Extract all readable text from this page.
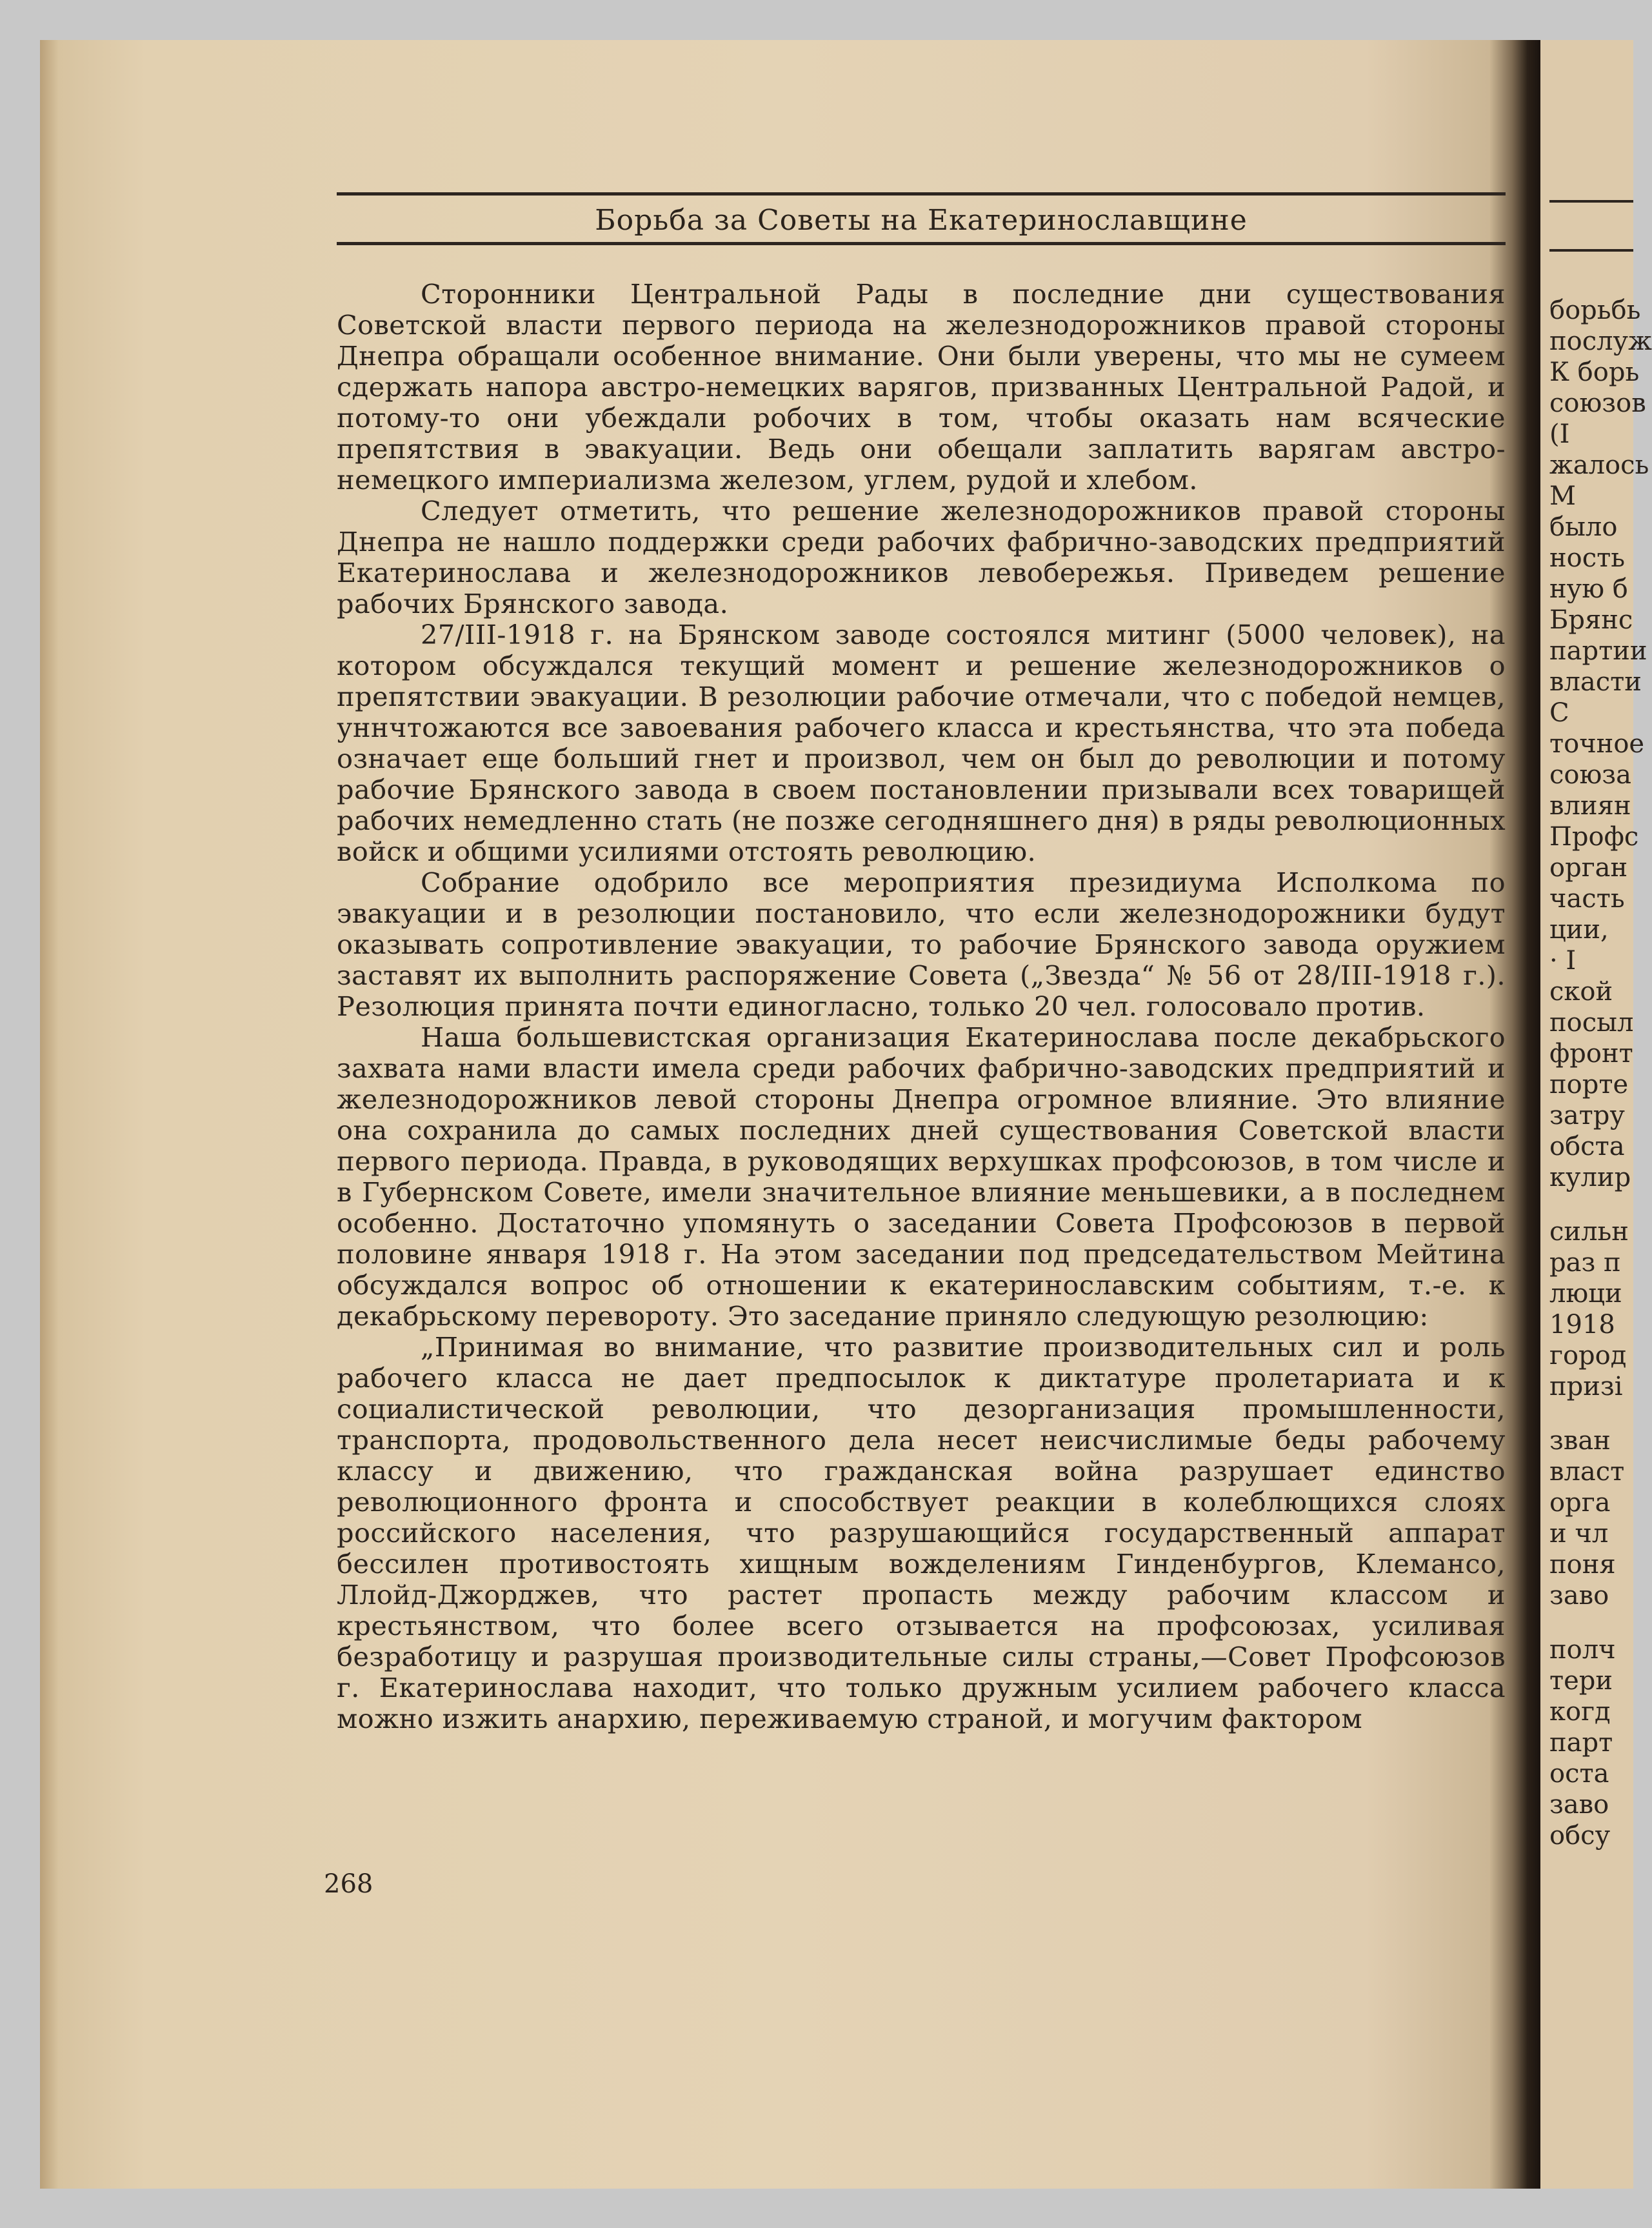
Борьба за Советы на Екатеринославщине

Сторонники Центральной Рады в последние дни существования Советской власти первого периода на железнодорожников правой стороны Днепра обращали особенное внимание. Они были уверены, что мы не сумеем сдержать напора австро-немецких варягов, призванных Центральной Радой, и потому-то они убеждали робочих в том, чтобы оказать нам всяческие препятствия в эвакуации. Ведь они обещали заплатить варягам австро-немецкого империализма железом, углем, рудой и хлебом.

Следует отметить, что решение железнодорожников правой стороны Днепра не нашло поддержки среди рабочих фабрично-заводских предприятий Екатеринослава и железнодорожников левобережья. Приведем решение рабочих Брянского завода.

27/III-1918 г. на Брянском заводе состоялся митинг (5000 человек), на котором обсуждался текущий момент и решение железнодорожников о препятствии эвакуации. В резолюции рабочие отмечали, что с победой немцев, уннчтожаются все завоевания рабочего класса и крестьянства, что эта победа означает еще больший гнет и произвол, чем он был до революции и потому рабочие Брянского завода в своем постановлении призывали всех товарищей рабочих немедленно стать (не позже сегодняшнего дня) в ряды революционных войск и общими усилиями отстоять революцию.

Собрание одобрило все мероприятия президиума Исполкома по эвакуации и в резолюции постановило, что если железнодорожники будут оказывать сопротивление эвакуации, то рабочие Брянского завода оружием заставят их выполнить распоряжение Совета („Звезда“ № 56 от 28/III-1918 г.). Резолюция принята почти единогласно, только 20 чел. голосовало против.

Наша большевистская организация Екатеринослава после декабрьского захвата нами власти имела среди рабочих фабрично-заводских предприятий и железнодорожников левой стороны Днепра огромное влияние. Это влияние она сохранила до самых последних дней существования Советской власти первого периода. Правда, в руководящих верхушках профсоюзов, в том числе и в Губернском Совете, имели значительное влияние меньшевики, а в последнем особенно. Достаточно упомянуть о заседании Совета Профсоюзов в первой половине января 1918 г. На этом заседании под председательством Мейтина обсуждался вопрос об отношении к екатеринославским событиям, т.-е. к декабрьскому перевороту. Это заседание приняло следующую резолюцию:

„Принимая во внимание, что развитие производительных сил и роль рабочего класса не дает предпосылок к диктатуре пролетариата и к социалистической революции, что дезорганизация промышленности, транспорта, продовольственного дела несет неисчислимые беды рабочему классу и движению, что гражданская война разрушает единство революционного фронта и способствует реакции в колеблющихся слоях российского населения, что разрушающийся государственный аппарат бессилен противостоять хищным вожделениям Гинденбургов, Клемансо, Ллойд-Джорджев, что растет пропасть между рабочим классом и крестьянством, что более всего отзывается на профсоюзах, усиливая безработицу и разрушая производительные силы страны,—Совет Профсоюзов г. Екатеринослава находит, что только дружным усилием рабочего класса можно изжить анархию, переживаемую страной, и могучим фактором

268
борьбь
послуж
К борь
союзов
(І
жалось
М
было
ность
ную б
Брянс
партии
власти
С
точное
союза
влиян
Профс
орган
часть
ции,
· І
ской
посыл
фронт
порте
затру
обста
кулир
сильн
раз п
люци
1918
город
призі
зван
власт
орга
и чл
поня
заво
полч
тери
когд
парт
оста
заво
обсу
